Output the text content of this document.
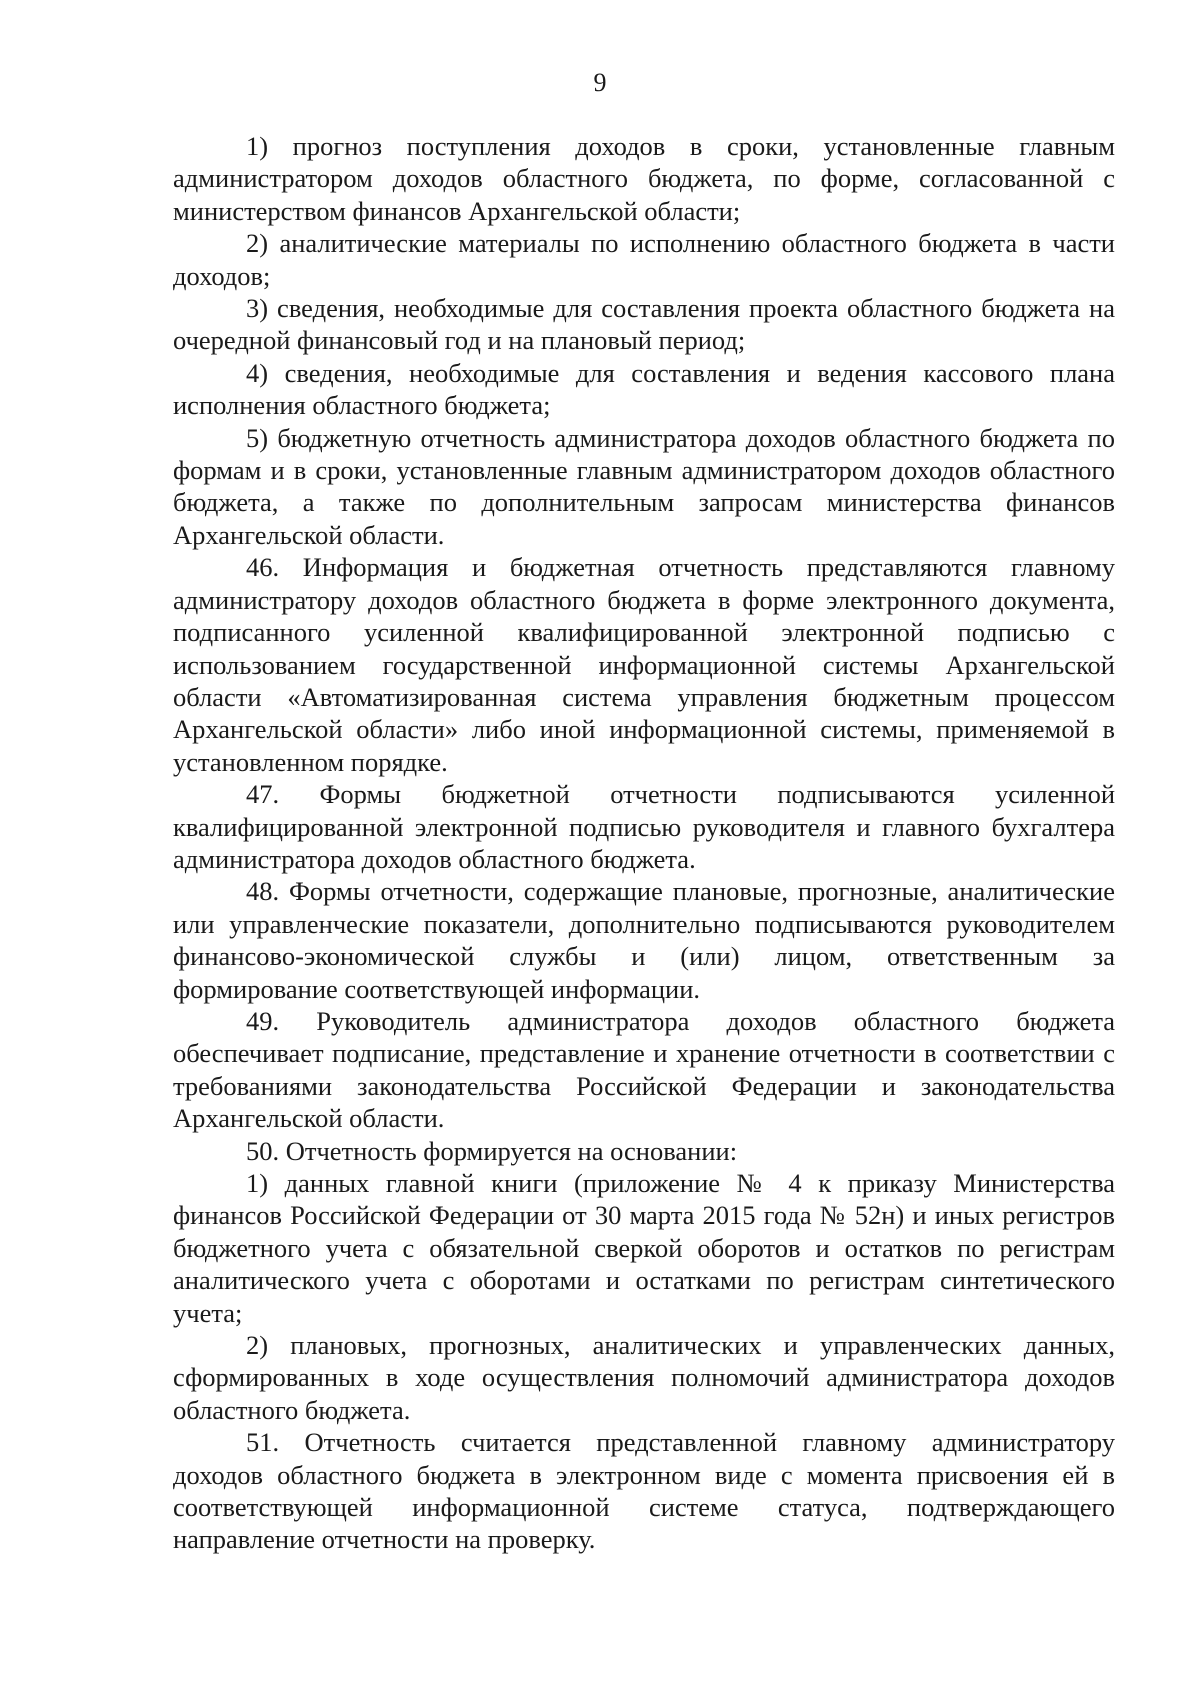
9

1) прогноз поступления доходов в сроки, установленные главным администратором доходов областного бюджета, по форме, согласованной с министерством финансов Архангельской области;

2) аналитические материалы по исполнению областного бюджета в части доходов;

3) сведения, необходимые для составления проекта областного бюджета на очередной финансовый год и на плановый период;

4) сведения, необходимые для составления и ведения кассового плана исполнения областного бюджета;

5) бюджетную отчетность администратора доходов областного бюджета по формам и в сроки, установленные главным администратором доходов областного бюджета, а также по дополнительным запросам министерства финансов Архангельской области.

46. Информация и бюджетная отчетность представляются главному администратору доходов областного бюджета в форме электронного документа, подписанного усиленной квалифицированной электронной подписью с использованием государственной информационной системы Архангельской области «Автоматизированная система управления бюджетным процессом Архангельской области» либо иной информационной системы, применяемой в установленном порядке.

47. Формы бюджетной отчетности подписываются усиленной квалифицированной электронной подписью руководителя и главного бухгалтера администратора доходов областного бюджета.

48. Формы отчетности, содержащие плановые, прогнозные, аналитические или управленческие показатели, дополнительно подписываются руководителем финансово-экономической службы и (или) лицом, ответственным за формирование соответствующей информации.

49. Руководитель администратора доходов областного бюджета обеспечивает подписание, представление и хранение отчетности в соответствии с требованиями законодательства Российской Федерации и законодательства Архангельской области.

50. Отчетность формируется на основании:

1) данных главной книги (приложение № 4 к приказу Министерства финансов Российской Федерации от 30 марта 2015 года № 52н) и иных регистров бюджетного учета с обязательной сверкой оборотов и остатков по регистрам аналитического учета с оборотами и остатками по регистрам синтетического учета;

2) плановых, прогнозных, аналитических и управленческих данных, сформированных в ходе осуществления полномочий администратора доходов областного бюджета.

51. Отчетность считается представленной главному администратору доходов областного бюджета в электронном виде с момента присвоения ей в соответствующей информационной системе статуса, подтверждающего направление отчетности на проверку.
